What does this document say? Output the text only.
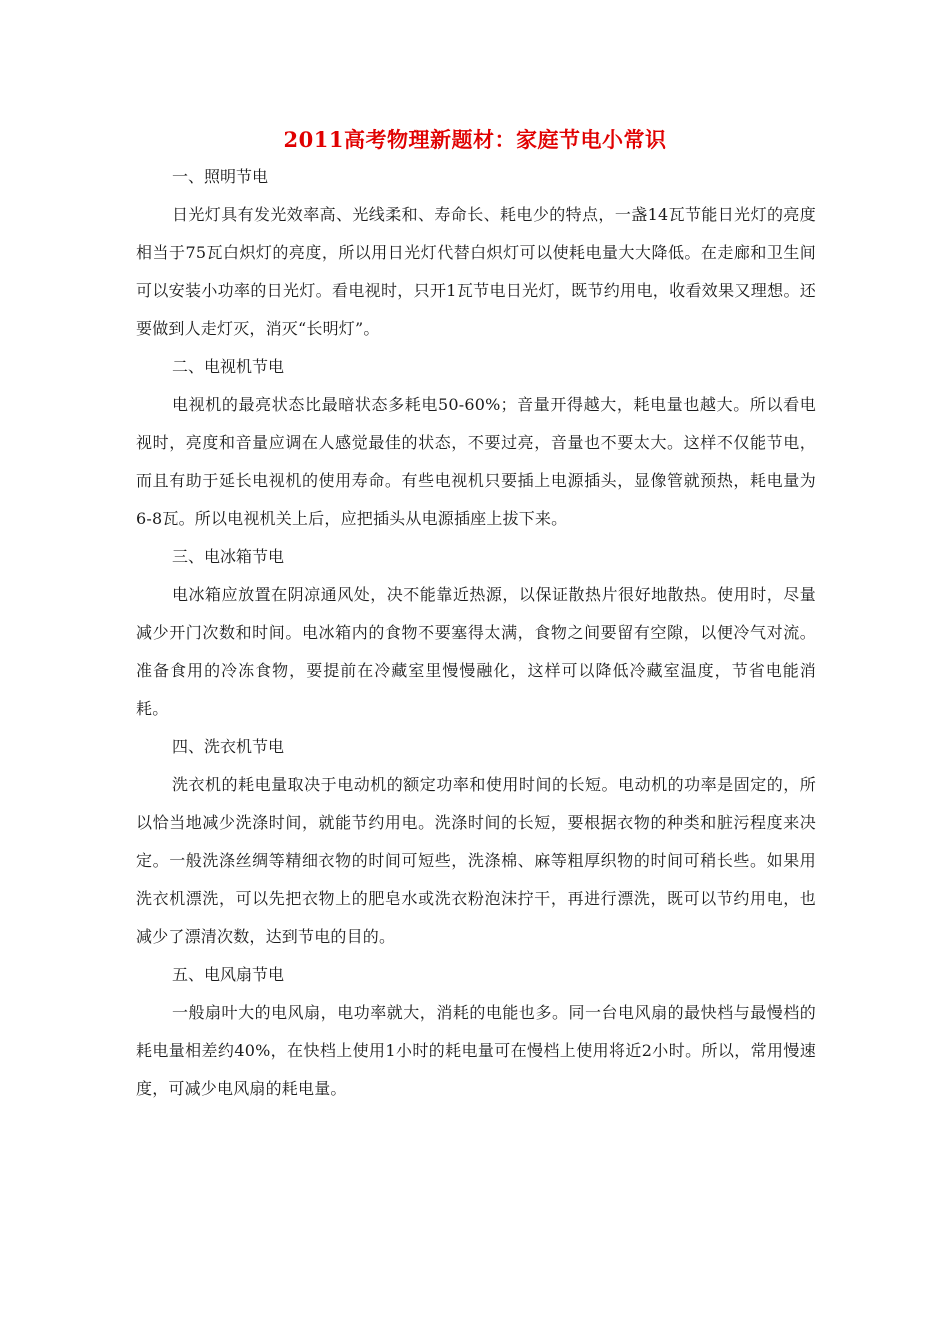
2011高考物理新题材：家庭节电小常识
一、照明节电

日光灯具有发光效率高、光线柔和、寿命长、耗电少的特点，一盏14瓦节能日光灯的亮度相当于75瓦白炽灯的亮度，所以用日光灯代替白炽灯可以使耗电量大大降低。在走廊和卫生间可以安装小功率的日光灯。看电视时，只开1瓦节电日光灯，既节约用电，收看效果又理想。还要做到人走灯灭，消灭“长明灯”。

二、电视机节电

电视机的最亮状态比最暗状态多耗电50-60%；音量开得越大，耗电量也越大。所以看电视时，亮度和音量应调在人感觉最佳的状态，不要过亮，音量也不要太大。这样不仅能节电，而且有助于延长电视机的使用寿命。有些电视机只要插上电源插头，显像管就预热，耗电量为6-8瓦。所以电视机关上后，应把插头从电源插座上拔下来。

三、电冰箱节电

电冰箱应放置在阴凉通风处，决不能靠近热源，以保证散热片很好地散热。使用时，尽量减少开门次数和时间。电冰箱内的食物不要塞得太满，食物之间要留有空隙，以便冷气对流。准备食用的冷冻食物，要提前在冷藏室里慢慢融化，这样可以降低冷藏室温度，节省电能消耗。

四、洗衣机节电

洗衣机的耗电量取决于电动机的额定功率和使用时间的长短。电动机的功率是固定的，所以恰当地减少洗涤时间，就能节约用电。洗涤时间的长短，要根据衣物的种类和脏污程度来决定。一般洗涤丝绸等精细衣物的时间可短些，洗涤棉、麻等粗厚织物的时间可稍长些。如果用洗衣机漂洗，可以先把衣物上的肥皂水或洗衣粉泡沫拧干，再进行漂洗，既可以节约用电，也减少了漂清次数，达到节电的目的。

五、电风扇节电

一般扇叶大的电风扇，电功率就大，消耗的电能也多。同一台电风扇的最快档与最慢档的耗电量相差约40%，在快档上使用1小时的耗电量可在慢档上使用将近2小时。所以，常用慢速度，可减少电风扇的耗电量。
